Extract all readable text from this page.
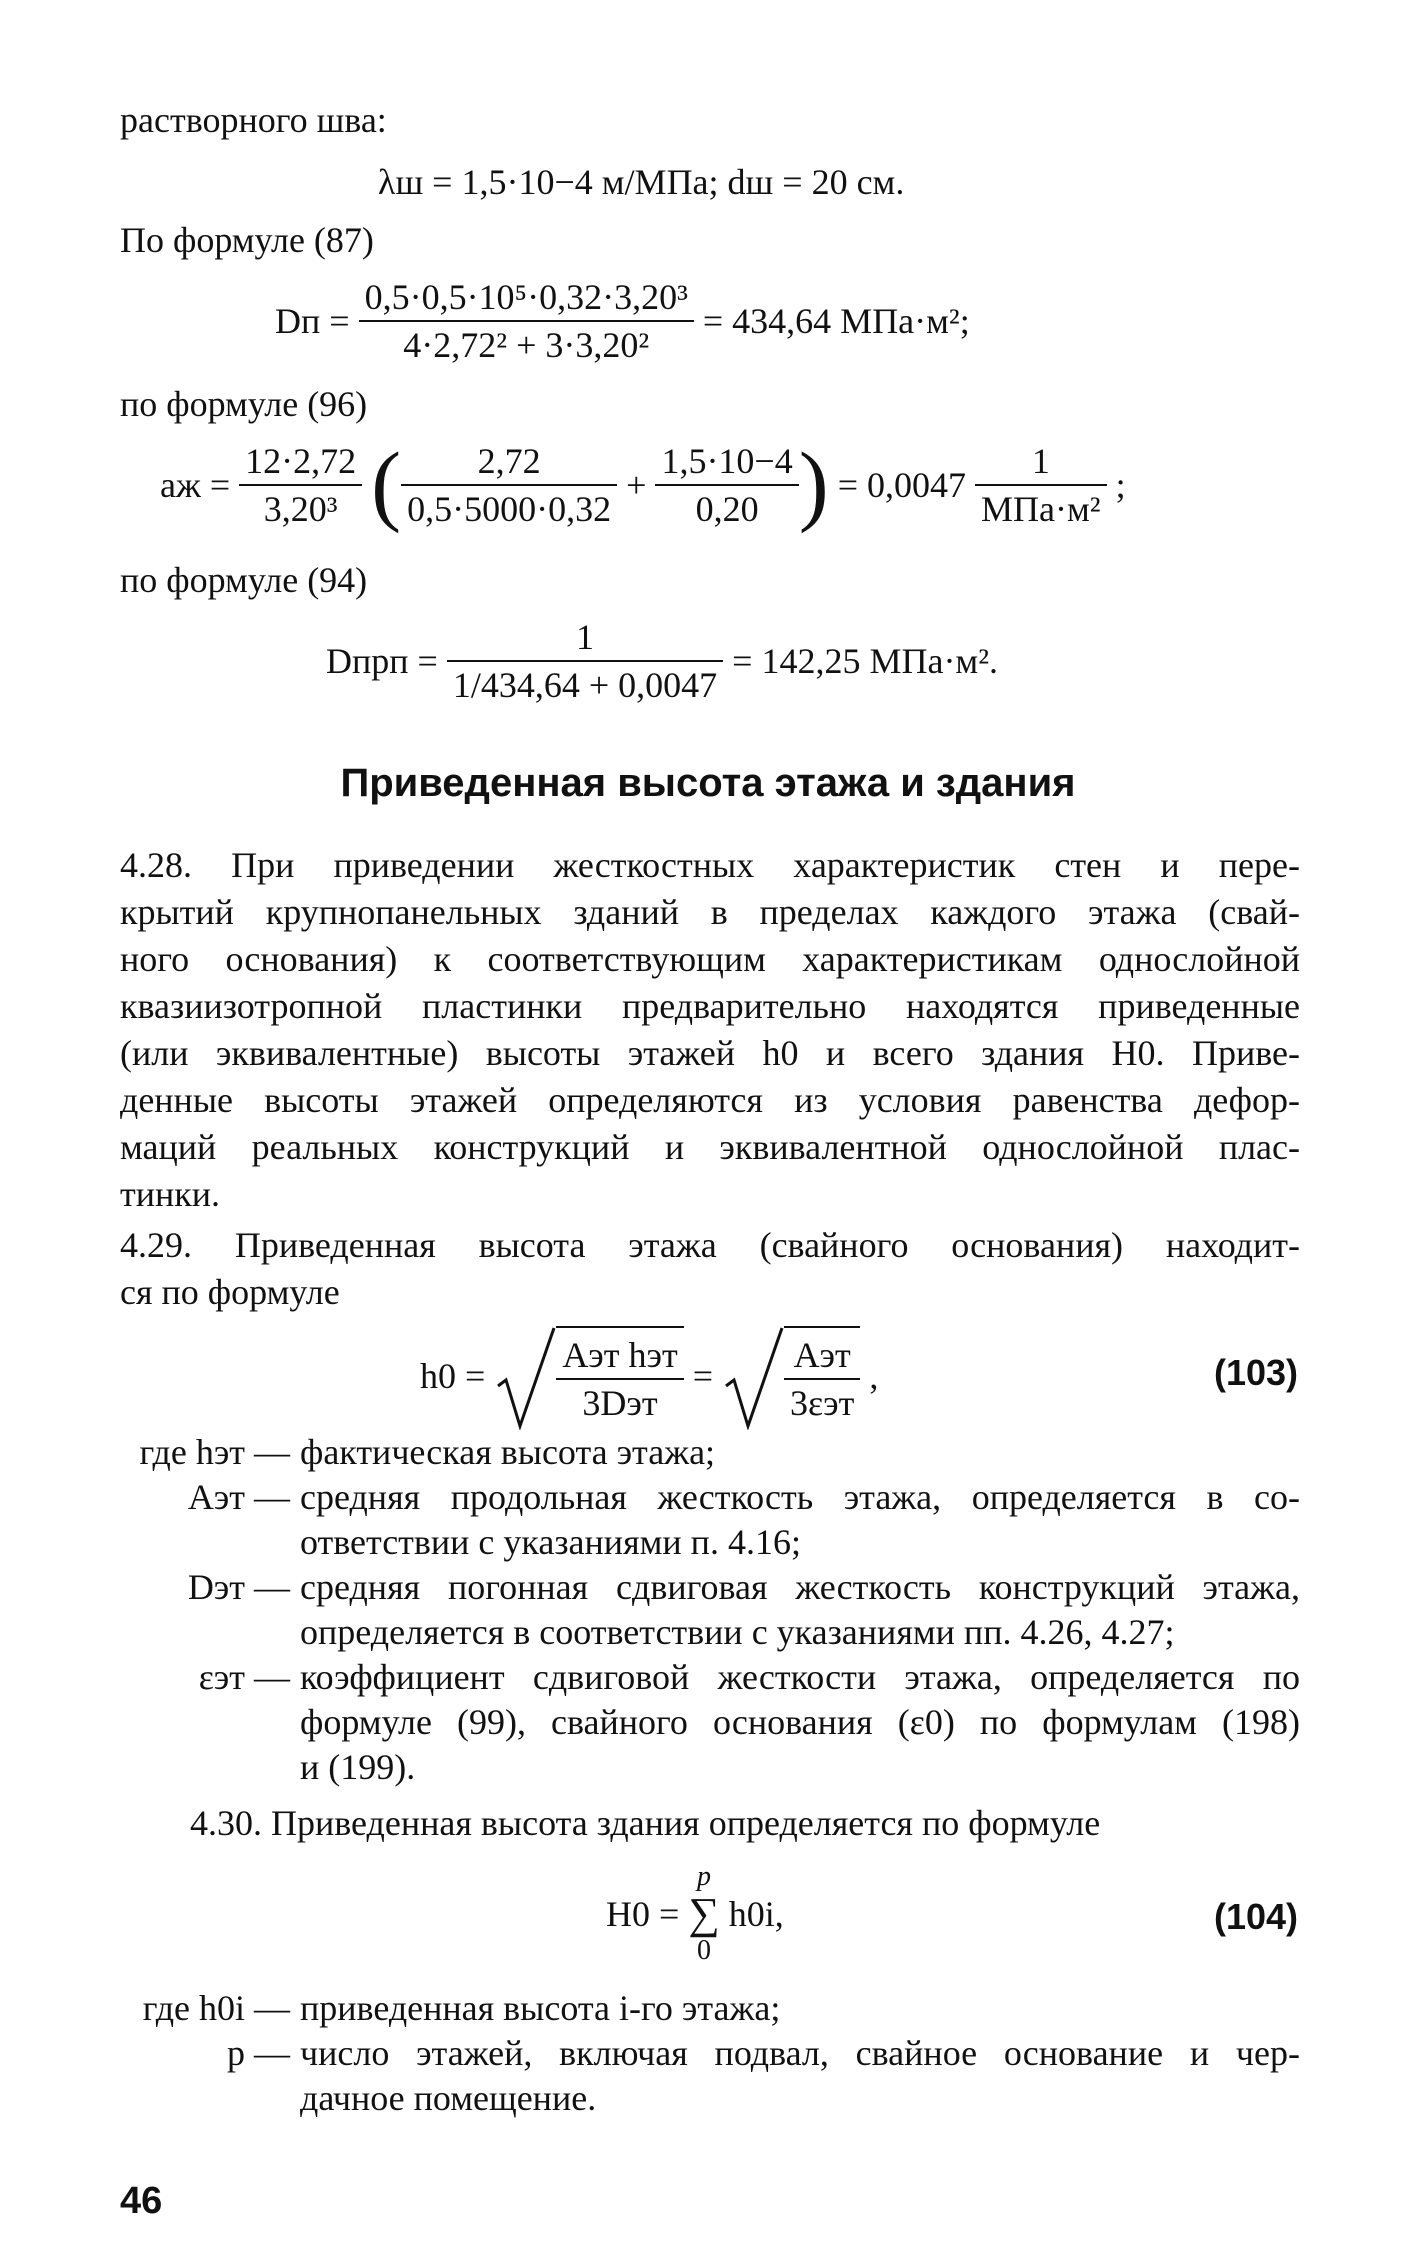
растворного шва:
λш = 1,5·10−4 м/МПа; dш = 20 см.
По формуле (87)
Dп = $\frac{\text{0,5·0,5·10⁵·0,32·3,20³}}{\text{4·2,72² + 3·3,20²}} = 434,64$ МПа·м²;
по формуле (96)
aж = $\frac{12\cdot 2,72}{\text{3,20³}}$ ( $\frac{2,72}{0,5\cdot 5000\cdot 0,32} + \frac{1,5\cdot 10-4}{0,20}$ ) = $0,0047 \frac{1}{\text{МПа·м²}}$ ;
по формуле (94)
Dпрп = $\frac{1}{1/434,64 + 0,0047} = 142,25$ МПа·м².
Приведенная высота этажа и здания
4.28. При приведении жесткостных характеристик стен и пере-
крытий крупнопанельных зданий в пределах каждого этажа (свай-
ного основания) к соответствующим характеристикам однослойной
квазиизотропной пластинки предварительно находятся приведенные
(или эквивалентные) высоты этажей h0 и всего здания H0. Приве-
денные высоты этажей определяются из условия равенства дефор-
маций реальных конструкций и эквивалентной однослойной плас-
тинки.
4.29. Приведенная высота этажа (свайного основания) находит-
ся по формуле
$h0 = \frac{\text{Aэт hэт}}{\text{3Dэт}} = \frac{\text{Aэт}}{\text{3εэт}}$ ,	(103)
где hэт — фактическая высота этажа;
Aэт — средняя продольная жесткость этажа, определяется в со-
ответствии с указаниями п. 4.16;
Dэт — средняя погонная сдвиговая жесткость конструкций этажа,
определяется в соответствии с указаниями пп. 4.26, 4.27;
εэт — коэффициент сдвиговой жесткости этажа, определяется по
формуле (99), свайного основания (ε0) по формулам (198)
и (199).
4.30. Приведенная высота здания определяется по формуле
H0 =
p
∑
0
h0i,	(104)
где h0i — приведенная высота i-го этажа;
p — число этажей, включая подвал, свайное основание и чер-
дачное помещение.
46
